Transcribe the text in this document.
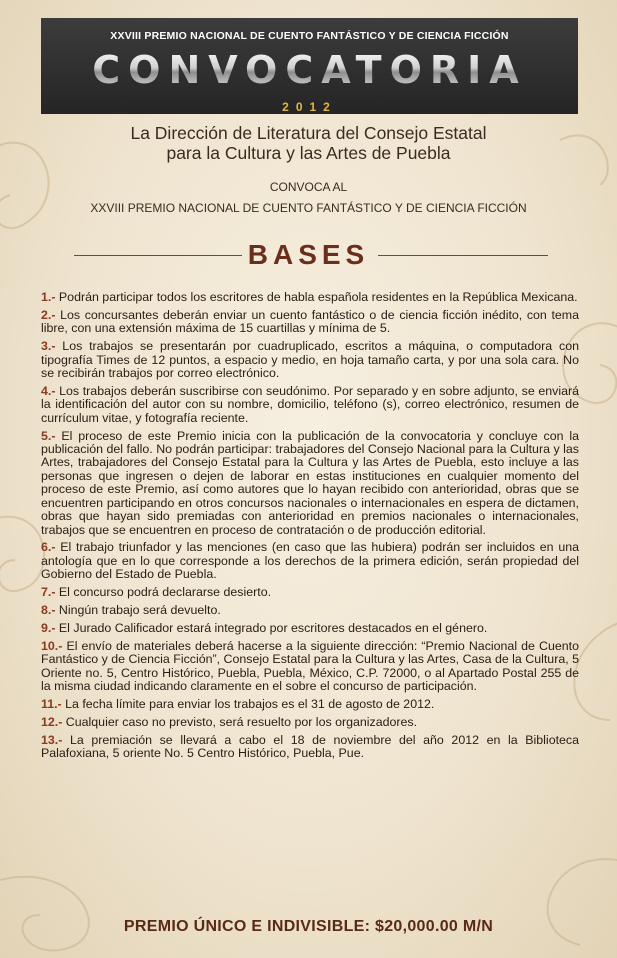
XXVIII PREMIO NACIONAL DE CUENTO FANTÁSTICO Y DE CIENCIA FICCIÓN
CONVOCATORIA
2012
La Dirección de Literatura del Consejo Estatal
para la Cultura y las Artes de Puebla
CONVOCA AL
XXVIII PREMIO NACIONAL DE CUENTO FANTÁSTICO Y DE CIENCIA FICCIÓN
BASES

1.- Podrán participar todos los escritores de habla española residentes en la República Mexicana.

2.- Los concursantes deberán enviar un cuento fantástico o de ciencia ficción inédito, con tema libre, con una extensión máxima de 15 cuartillas y mínima de 5.

3.- Los trabajos se presentarán por cuadruplicado, escritos a máquina, o computadora con tipografía Times de 12 puntos, a espacio y medio, en hoja tamaño carta, y por una sola cara. No se recibirán trabajos por correo electrónico.

4.- Los trabajos deberán suscribirse con seudónimo. Por separado y en sobre adjunto, se enviará la identificación del autor con su nombre, domicilio, teléfono (s), correo electrónico, resumen de currículum vitae, y fotografía reciente.

5.- El proceso de este Premio inicia con la publicación de la convocatoria y concluye con la publicación del fallo. No podrán participar: trabajadores del Consejo Nacional para la Cultura y las Artes, trabajadores del Consejo Estatal para la Cultura y las Artes de Puebla, esto incluye a las personas que ingresen o dejen de laborar en estas instituciones en cualquier momento del proceso de este Premio, así como autores que lo hayan recibido con anterioridad, obras que se encuentren participando en otros concursos nacionales o internacionales en espera de dictamen, obras que hayan sido premiadas con anterioridad en premios nacionales o internacionales, trabajos que se encuentren en proceso de contratación o de producción editorial.

6.- El trabajo triunfador y las menciones (en caso que las hubiera) podrán ser incluidos en una antología que en lo que corresponde a los derechos de la primera edición, serán propiedad del Gobierno del Estado de Puebla.

7.- El concurso podrá declararse desierto.

8.- Ningún trabajo será devuelto.

9.- El Jurado Calificador estará integrado por escritores destacados en el género.

10.- El envío de materiales deberá hacerse a la siguiente dirección: “Premio Nacional de Cuento Fantástico y de Ciencia Ficción”, Consejo Estatal para la Cultura y las Artes, Casa de la Cultura, 5 Oriente no. 5, Centro Histórico, Puebla, Puebla, México, C.P. 72000, o al Apartado Postal 255 de la misma ciudad indicando claramente en el sobre el concurso de participación.

11.- La fecha límite para enviar los trabajos es el 31 de agosto de 2012.

12.- Cualquier caso no previsto, será resuelto por los organizadores.

13.- La premiación se llevará a cabo el 18 de noviembre del año 2012 en la Biblioteca Palafoxiana, 5 oriente No. 5 Centro Histórico, Puebla, Pue.

PREMIO ÚNICO E INDIVISIBLE: $20,000.00 M/N
